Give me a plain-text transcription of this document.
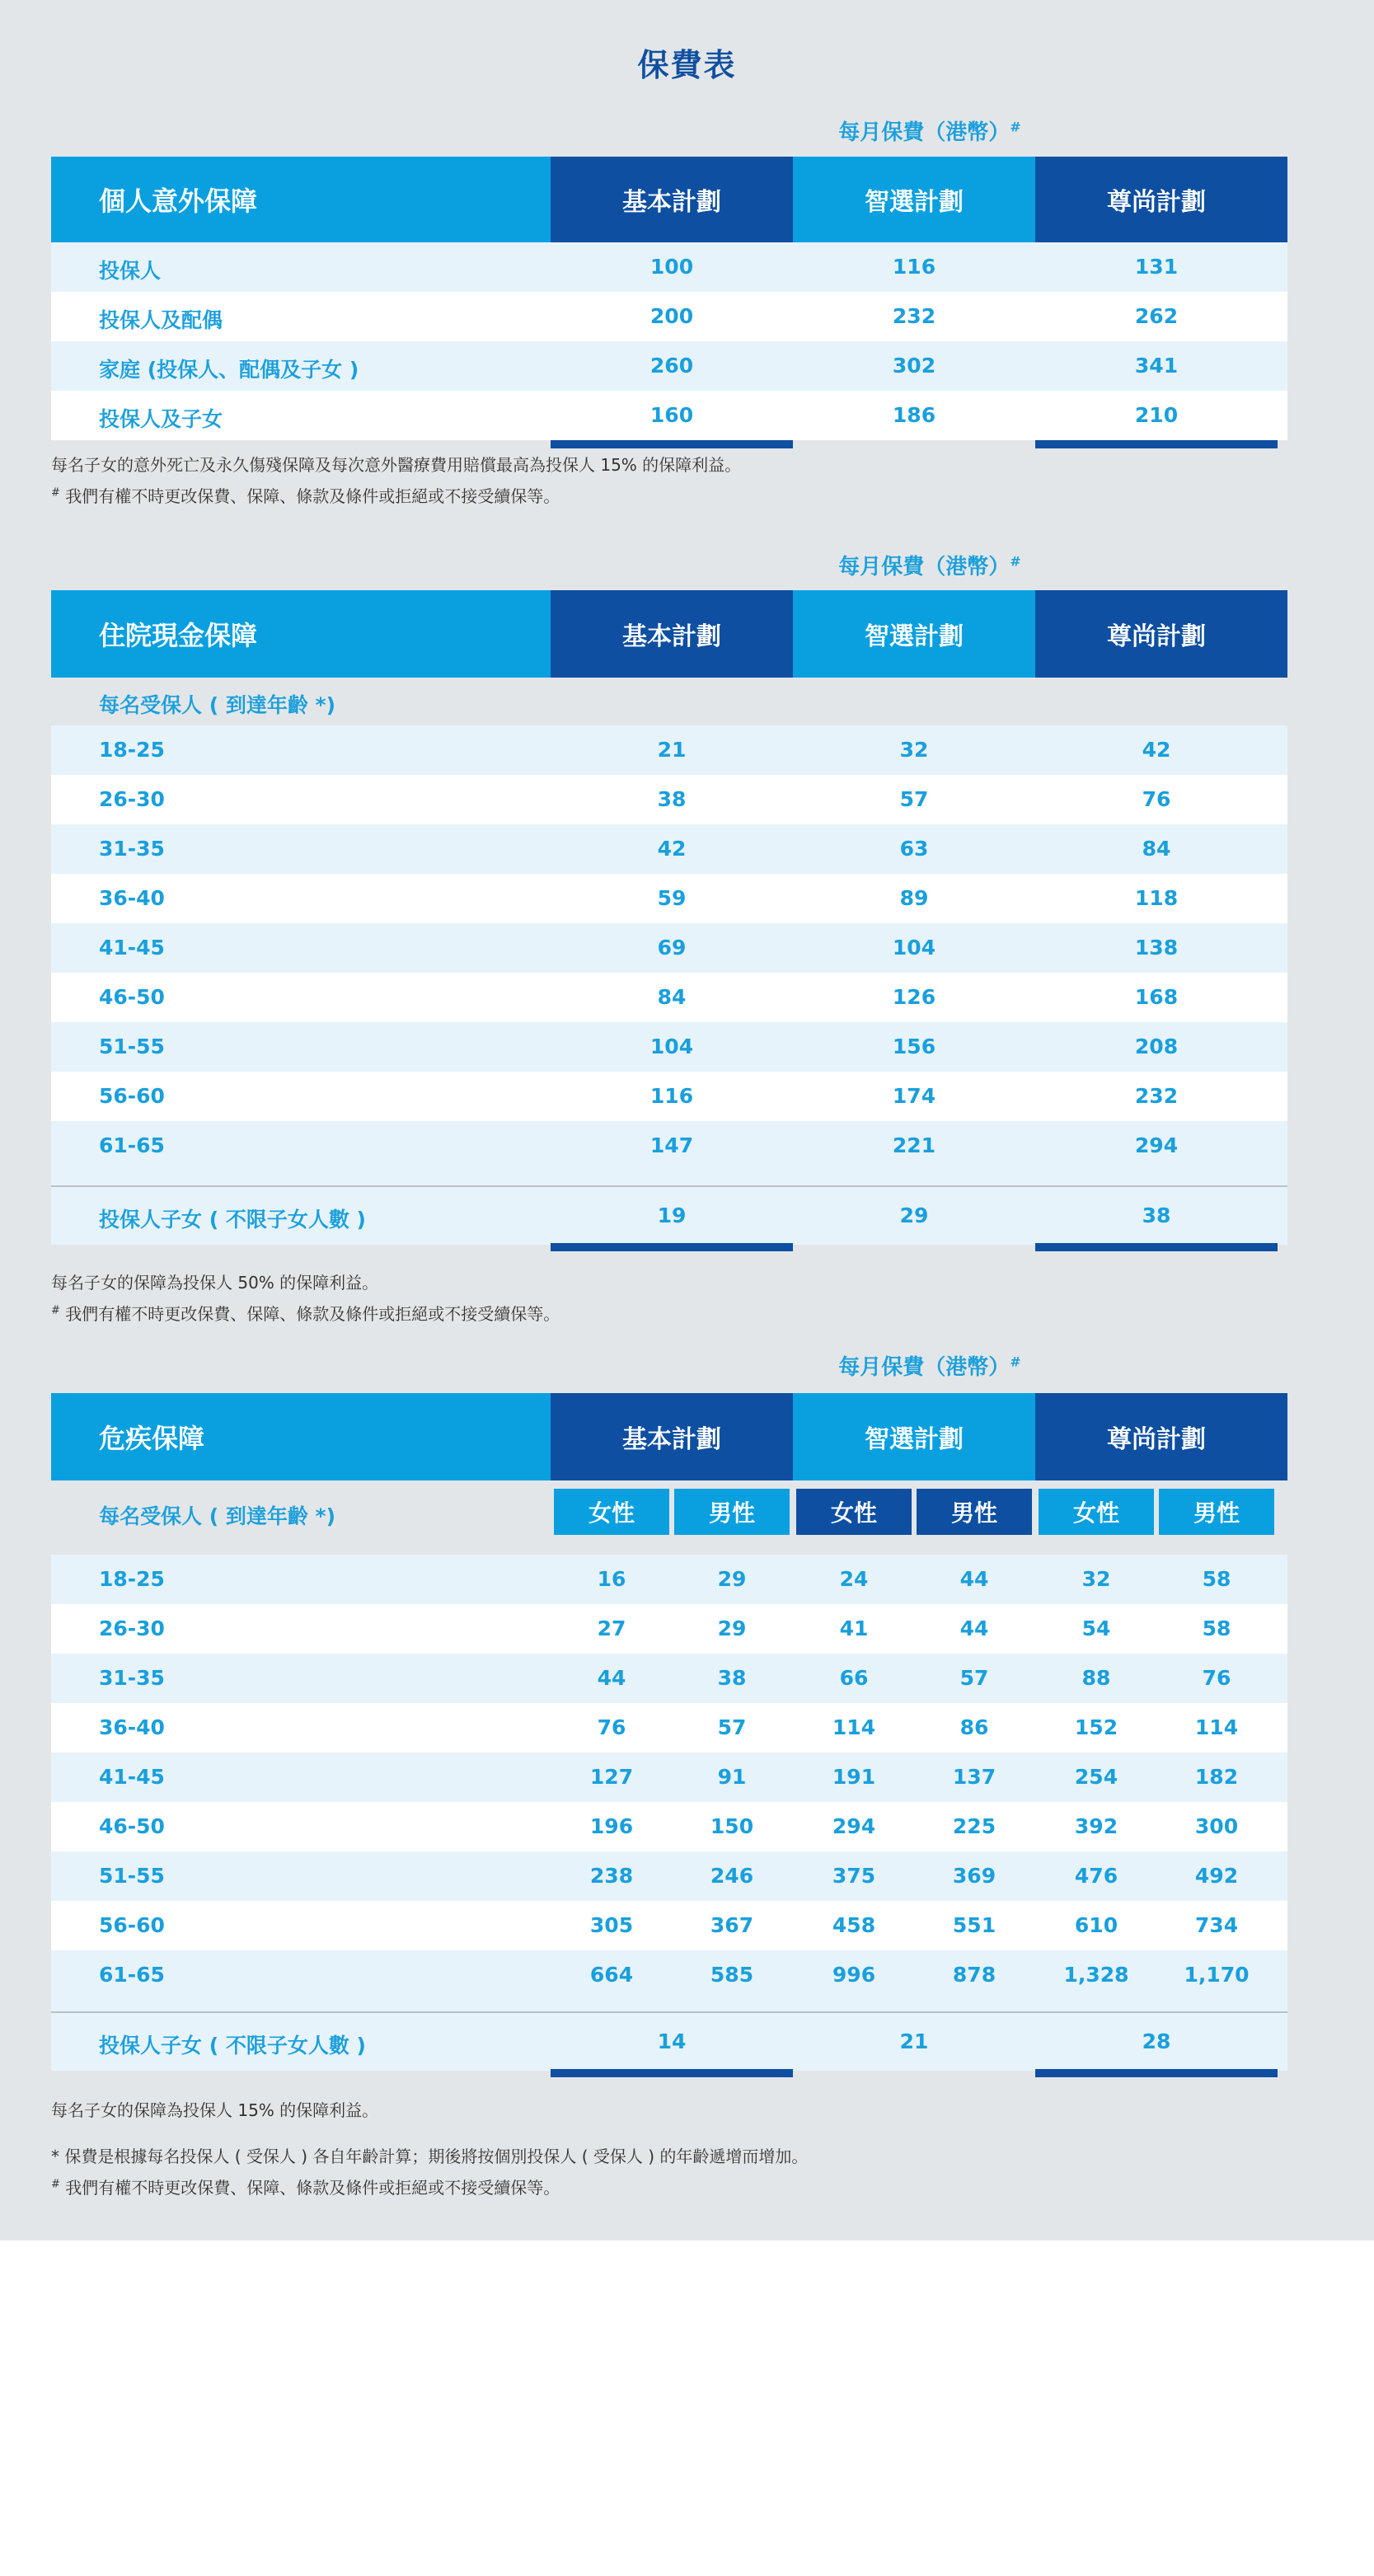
保費表
每月保費（港幣）#
個人意外保障	基本計劃	智選計劃	尊尚計劃
投保人	100	116	131
投保人及配偶	200	232	262
家庭 (投保人、配偶及子女 )	260	302	341
投保人及子女	160	186	210
每名子女的意外死亡及永久傷殘保障及每次意外醫療費用賠償最高為投保人 15% 的保障利益。
# 我們有權不時更改保費、保障、條款及條件或拒絕或不接受續保等。
每月保費（港幣）#
住院現金保障	基本計劃	智選計劃	尊尚計劃
每名受保人 ( 到達年齡 *)
18-25	21	32	42
26-30	38	57	76
31-35	42	63	84
36-40	59	89	118
41-45	69	104	138
46-50	84	126	168
51-55	104	156	208
56-60	116	174	232
61-65	147	221	294
投保人子女 ( 不限子女人數 )	19	29	38
每名子女的保障為投保人 50% 的保障利益。
# 我們有權不時更改保費、保障、條款及條件或拒絕或不接受續保等。
每月保費（港幣）#
危疾保障	基本計劃	智選計劃	尊尚計劃
每名受保人 ( 到達年齡 *)	女性	男性	女性	男性	女性	男性
18-25	16	29	24	44	32	58
26-30	27	29	41	44	54	58
31-35	44	38	66	57	88	76
36-40	76	57	114	86	152	114
41-45	127	91	191	137	254	182
46-50	196	150	294	225	392	300
51-55	238	246	375	369	476	492
56-60	305	367	458	551	610	734
61-65	664	585	996	878	1,328	1,170
投保人子女 ( 不限子女人數 )	14	21	28
每名子女的保障為投保人 15% 的保障利益。
* 保費是根據每名投保人 ( 受保人 ) 各自年齡計算；期後將按個別投保人 ( 受保人 ) 的年齡遞增而增加。
# 我們有權不時更改保費、保障、條款及條件或拒絕或不接受續保等。
